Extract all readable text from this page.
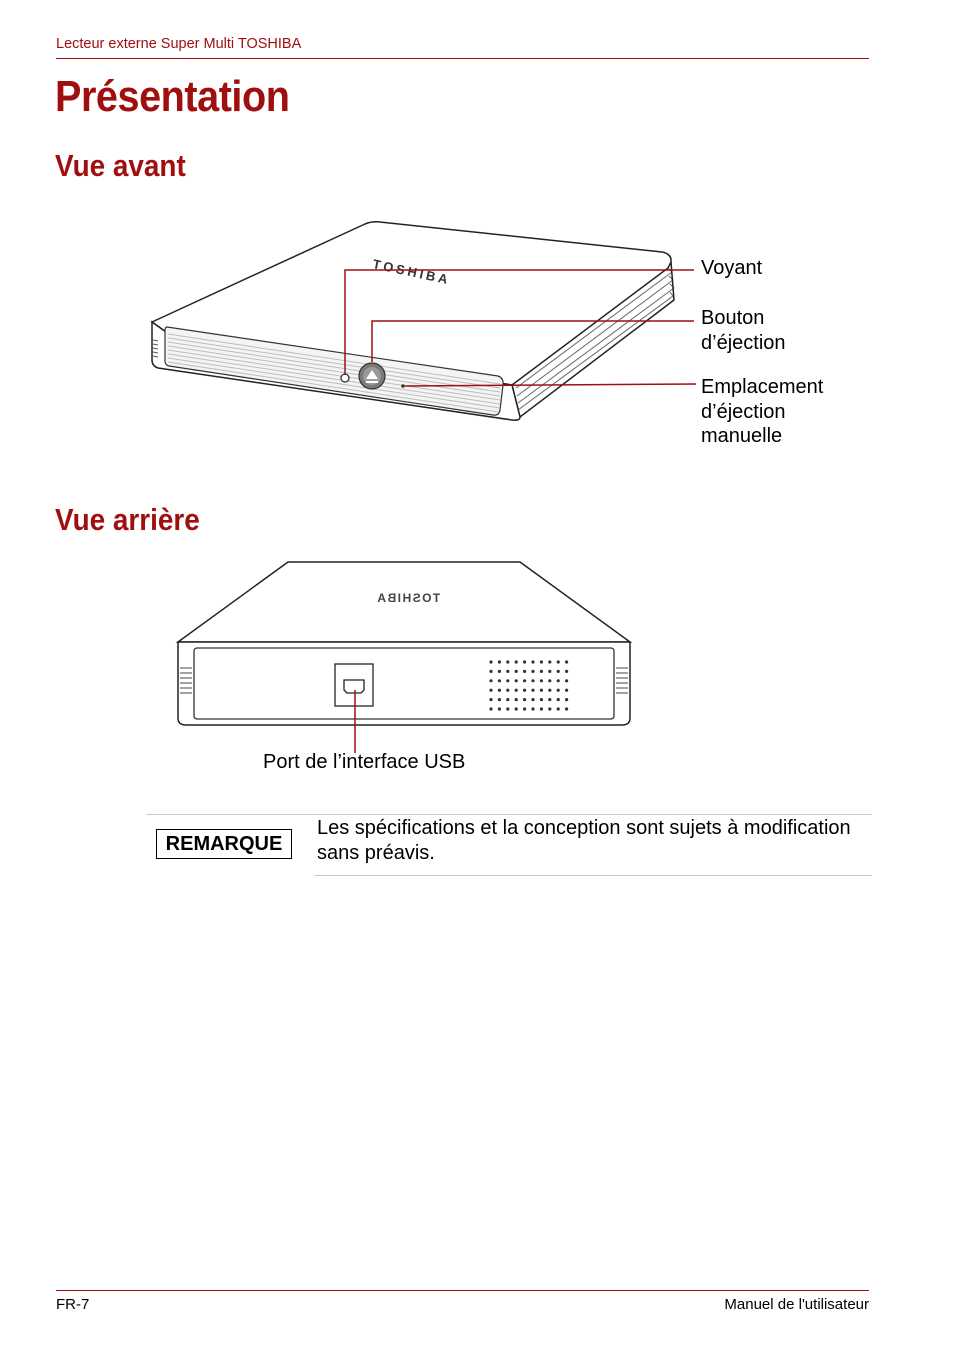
Lecteur externe Super Multi TOSHIBA
Présentation
Vue avant
TOSHIBA	Voyant
Bouton
d’éjection
Emplacement
d’éjection
manuelle
Vue arrière
TOSHIBA
Port de l’interface USB
REMARQUE
Les spécifications et la conception sont sujets à modification sans préavis.
FR-7	Manuel de l'utilisateur
